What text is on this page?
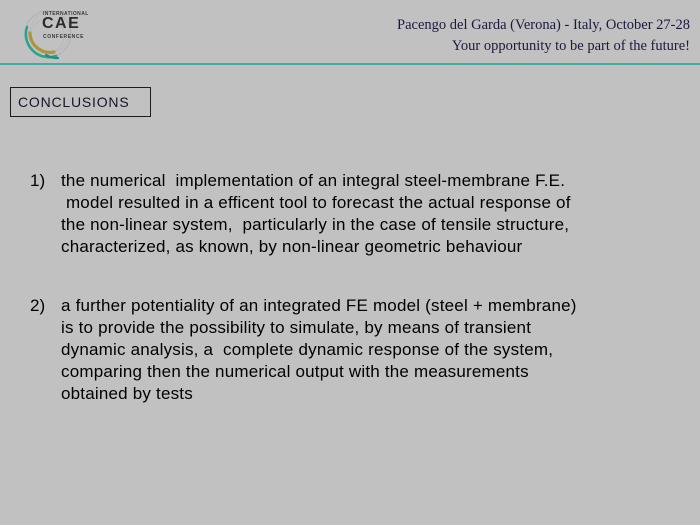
INTERNATIONAL
CAE
CONFERENCE
Pacengo del Garda (Verona) - Italy, October 27-28
Your opportunity to be part of the future!
CONCLUSIONS
1) the numerical  implementation of an integral steel-membrane F.E.
model resulted in a efficent tool to forecast the actual response of
the non-linear system,  particularly in the case of tensile structure,
characterized, as known, by non-linear geometric behaviour
2) a further potentiality of an integrated FE model (steel + membrane)
is to provide the possibility to simulate, by means of transient
dynamic analysis, a  complete dynamic response of the system,
comparing then the numerical output with the measurements
obtained by tests
